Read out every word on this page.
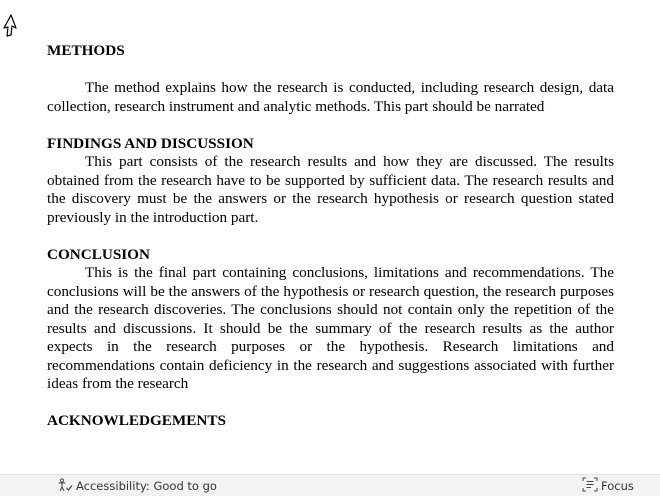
METHODS

The method explains how the research is conducted, including research design, data collection, research instrument and analytic methods. This part should be narrated

FINDINGS AND DISCUSSION

This part consists of the research results and how they are discussed. The results obtained from the research have to be supported by sufficient data. The research results and the discovery must be the answers or the research hypothesis or research question stated previously in the introduction part.

CONCLUSION

This is the final part containing conclusions, limitations and recommendations. The conclusions will be the answers of the hypothesis or research question, the research purposes and the research discoveries. The conclusions should not contain only the repetition of the results and discussions. It should be the summary of the research results as the author expects in the research purposes or the hypothesis. Research limitations and recommendations contain deficiency in the research and suggestions associated with further ideas from the research

ACKNOWLEDGEMENTS

Accessibility: Good to go	Focus
